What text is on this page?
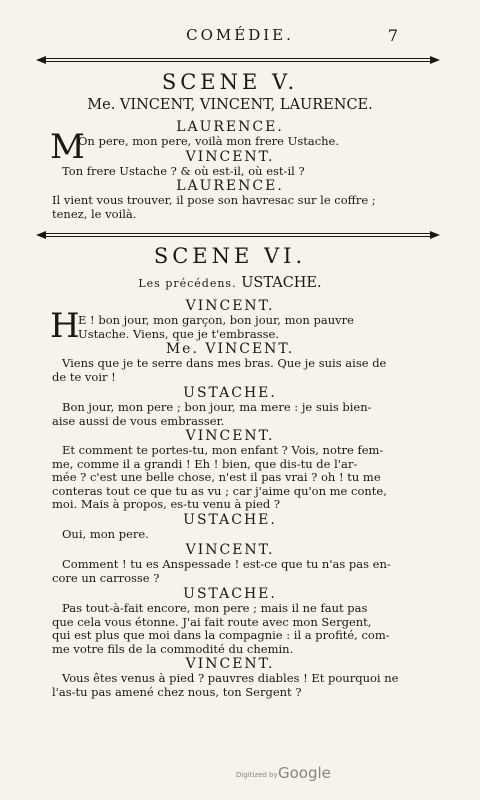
COMÉDIE.	7

SCENE V.

Me. VINCENT, VINCENT, LAURENCE.

LAURENCE.

M

On pere, mon pere, voilà mon frere Ustache.

VINCENT.

Ton frere Ustache ? & où est-il, où est-il ?

LAURENCE.

Il vient vous trouver, il pose son havresac sur le coffre ;

tenez, le voilà.

SCENE VI.

Les précédens. USTACHE.

VINCENT.

H

E ! bon jour, mon garçon, bon jour, mon pauvre

Ustache. Viens, que je t'embrasse.

Me. VINCENT.

Viens que je te serre dans mes bras. Que je suis aise de

de te voir !

USTACHE.

Bon jour, mon pere ; bon jour, ma mere : je suis bien-

aise aussi de vous embrasser.

VINCENT.

Et comment te portes-tu, mon enfant ? Vois, notre fem-

me, comme il a grandi ! Eh ! bien, que dis-tu de l'ar-

mée ? c'est une belle chose, n'est il pas vrai ? oh ! tu me

conteras tout ce que tu as vu ; car j'aime qu'on me conte,

moi. Mais à propos, es-tu venu à pied ?

USTACHE.

Oui, mon pere.

VINCENT.

Comment ! tu es Anspessade ! est-ce que tu n'as pas en-

core un carrosse ?

USTACHE.

Pas tout-à-fait encore, mon pere ; mais il ne faut pas

que cela vous étonne. J'ai fait route avec mon Sergent,

qui est plus que moi dans la compagnie : il a profité, com-

me votre fils de la commodité du chemin.

VINCENT.

Vous êtes venus à pied ? pauvres diables ! Et pourquoi ne

l'as-tu pas amené chez nous, ton Sergent ?

Digitized by Google
